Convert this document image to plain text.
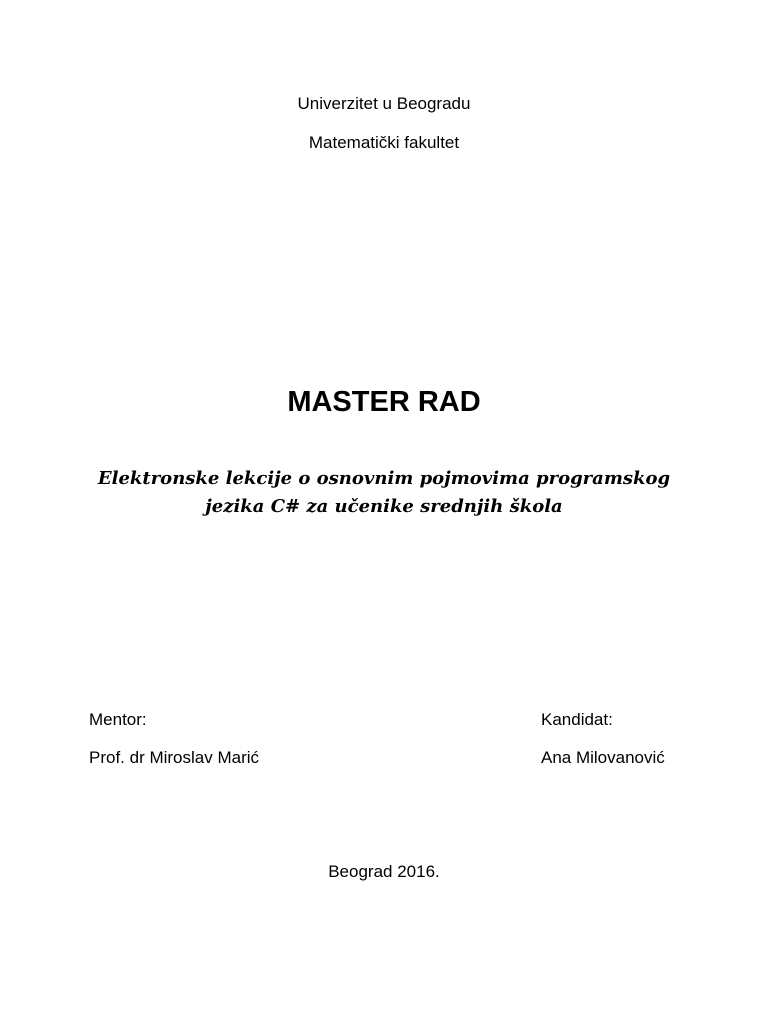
Univerzitet u Beogradu
Matematički fakultet
MASTER RAD
Elektronske lekcije o osnovnim pojmovima programskog jezika C# za učenike srednjih škola
Mentor:
Prof. dr Miroslav Marić
Kandidat:
Ana Milovanović
Beograd 2016.
